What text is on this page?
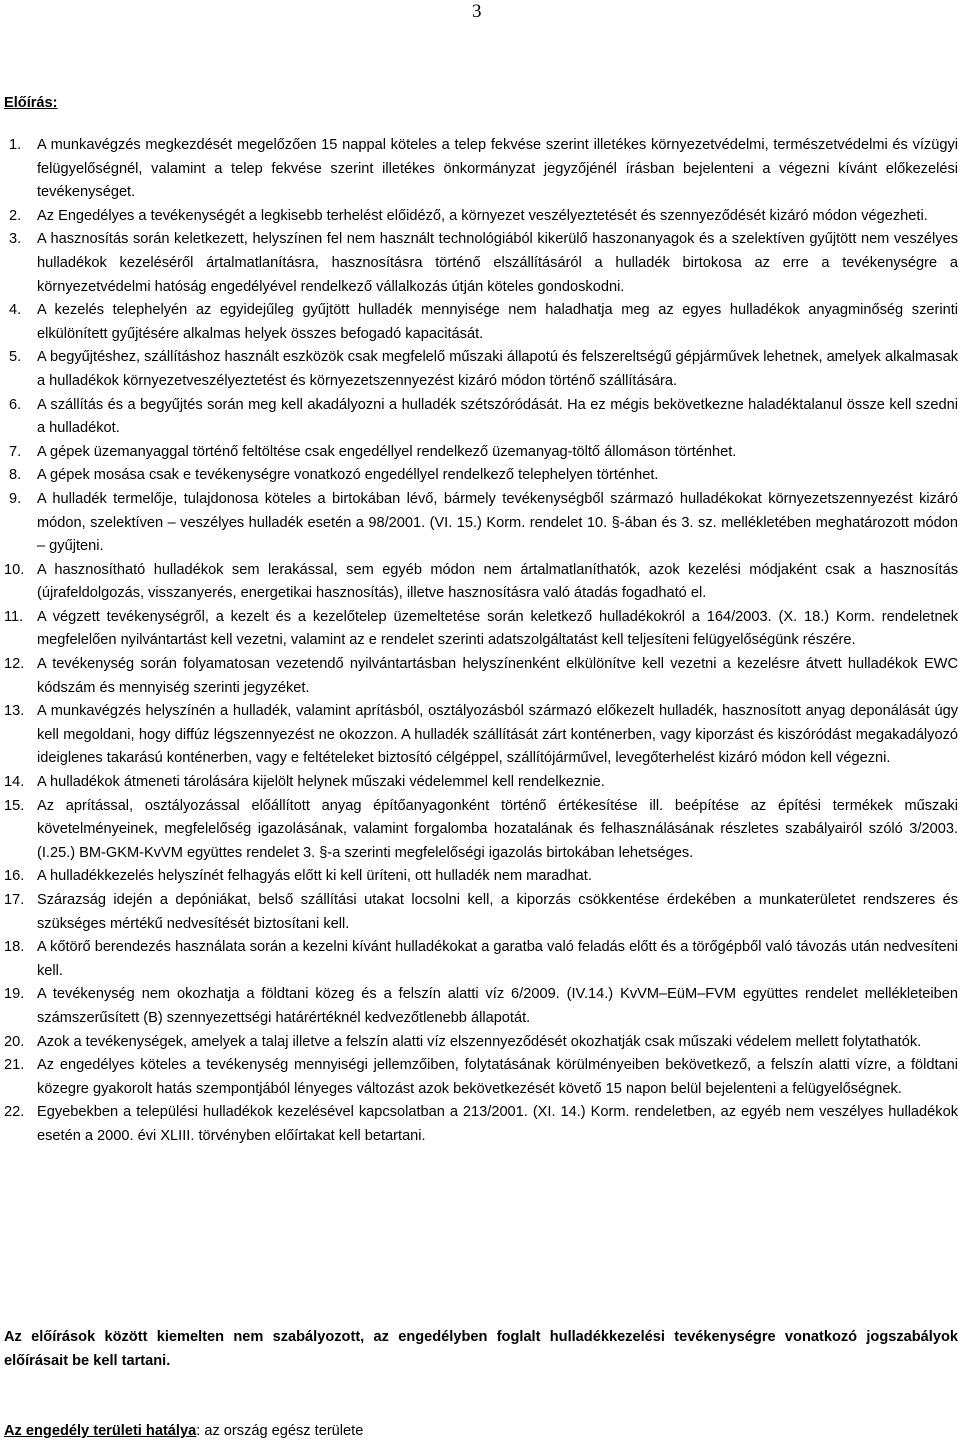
3
Előírás:
1. A munkavégzés megkezdését megelőzően 15 nappal köteles a telep fekvése szerint illetékes környezetvédelmi, természetvédelmi és vízügyi felügyelőségnél, valamint a telep fekvése szerint illetékes önkormányzat jegyzőjénél írásban bejelenteni a végezni kívánt előkezelési tevékenységet.
2. Az Engedélyes a tevékenységét a legkisebb terhelést előidéző, a környezet veszélyeztetését és szennyeződését kizáró módon végezheti.
3. A hasznosítás során keletkezett, helyszínen fel nem használt technológiából kikerülő haszonanyagok és a szelektíven gyűjtött nem veszélyes hulladékok kezeléséről ártalmatlanításra, hasznosításra történő elszállításáról a hulladék birtokosa az erre a tevékenységre a környezetvédelmi hatóság engedélyével rendelkező vállalkozás útján köteles gondoskodni.
4. A kezelés telephelyén az egyidejűleg gyűjtött hulladék mennyisége nem haladhatja meg az egyes hulladékok anyagminőség szerinti elkülönített gyűjtésére alkalmas helyek összes befogadó kapacitását.
5. A begyűjtéshez, szállításhoz használt eszközök csak megfelelő műszaki állapotú és felszereltségű gépjárművek lehetnek, amelyek alkalmasak a hulladékok környezetveszélyeztetést és környezetszennyezést kizáró módon történő szállítására.
6. A szállítás és a begyűjtés során meg kell akadályozni a hulladék szétszóródását. Ha ez mégis bekövetkezne haladéktalanul össze kell szedni a hulladékot.
7. A gépek üzemanyaggal történő feltöltése csak engedéllyel rendelkező üzemanyag-töltő állomáson történhet.
8. A gépek mosása csak e tevékenységre vonatkozó engedéllyel rendelkező telephelyen történhet.
9. A hulladék termelője, tulajdonosa köteles a birtokában lévő, bármely tevékenységből származó hulladékokat környezetszennyezést kizáró módon, szelektíven – veszélyes hulladék esetén a 98/2001. (VI. 15.) Korm. rendelet 10. §-ában és 3. sz. mellékletében meghatározott módon – gyűjteni.
10. A hasznosítható hulladékok sem lerakással, sem egyéb módon nem ártalmatlaníthatók, azok kezelési módjaként csak a hasznosítás (újrafeldolgozás, visszanyerés, energetikai hasznosítás), illetve hasznosításra való átadás fogadható el.
11. A végzett tevékenységről, a kezelt és a kezelőtelep üzemeltetése során keletkező hulladékokról a 164/2003. (X. 18.) Korm. rendeletnek megfelelően nyilvántartást kell vezetni, valamint az e rendelet szerinti adatszolgáltatást kell teljesíteni felügyelőségünk részére.
12. A tevékenység során folyamatosan vezetendő nyilvántartásban helyszínenként elkülönítve kell vezetni a kezelésre átvett hulladékok EWC kódszám és mennyiség szerinti jegyzéket.
13. A munkavégzés helyszínén a hulladék, valamint aprításból, osztályozásból származó előkezelt hulladék, hasznosított anyag deponálását úgy kell megoldani, hogy diffúz légszennyezést ne okozzon. A hulladék szállítását zárt konténerben, vagy kiporzást és kiszóródást megakadályozó ideiglenes takarású konténerben, vagy e feltételeket biztosító célgéppel, szállítójárművel, levegőterhelést kizáró módon kell végezni.
14. A hulladékok átmeneti tárolására kijelölt helynek műszaki védelemmel kell rendelkeznie.
15. Az aprítással, osztályozással előállított anyag építőanyagonként történő értékesítése ill. beépítése az építési termékek műszaki követelményeinek, megfelelőség igazolásának, valamint forgalomba hozatalának és felhasználásának részletes szabályairól szóló 3/2003. (I.25.) BM-GKM-KvVM együttes rendelet 3. §-a szerinti megfelelőségi igazolás birtokában lehetséges.
16. A hulladékkezelés helyszínét felhagyás előtt ki kell üríteni, ott hulladék nem maradhat.
17. Szárazság idején a depóniákat, belső szállítási utakat locsolni kell, a kiporzás csökkentése érdekében a munkaterületet rendszeres és szükséges mértékű nedvesítését biztosítani kell.
18. A kőtörő berendezés használata során a kezelni kívánt hulladékokat a garatba való feladás előtt és a törőgépből való távozás után nedvesíteni kell.
19. A tevékenység nem okozhatja a földtani közeg és a felszín alatti víz 6/2009. (IV.14.) KvVM–EüM–FVM együttes rendelet mellékleteiben számszerűsített (B) szennyezettségi határértéknél kedvezőtlenebb állapotát.
20. Azok a tevékenységek, amelyek a talaj illetve a felszín alatti víz elszennyeződését okozhatják csak műszaki védelem mellett folytathatók.
21. Az engedélyes köteles a tevékenység mennyiségi jellemzőiben, folytatásának körülményeiben bekövetkező, a felszín alatti vízre, a földtani közegre gyakorolt hatás szempontjából lényeges változást azok bekövetkezését követő 15 napon belül bejelenteni a felügyelőségnek.
22. Egyebekben a települési hulladékok kezelésével kapcsolatban a 213/2001. (XI. 14.) Korm. rendeletben, az egyéb nem veszélyes hulladékok esetén a 2000. évi XLIII. törvényben előírtakat kell betartani.
Az előírások között kiemelten nem szabályozott, az engedélyben foglalt hulladékkezelési tevékenységre vonatkozó jogszabályok előírásait be kell tartani.
Az engedély területi hatálya: az ország egész területe
